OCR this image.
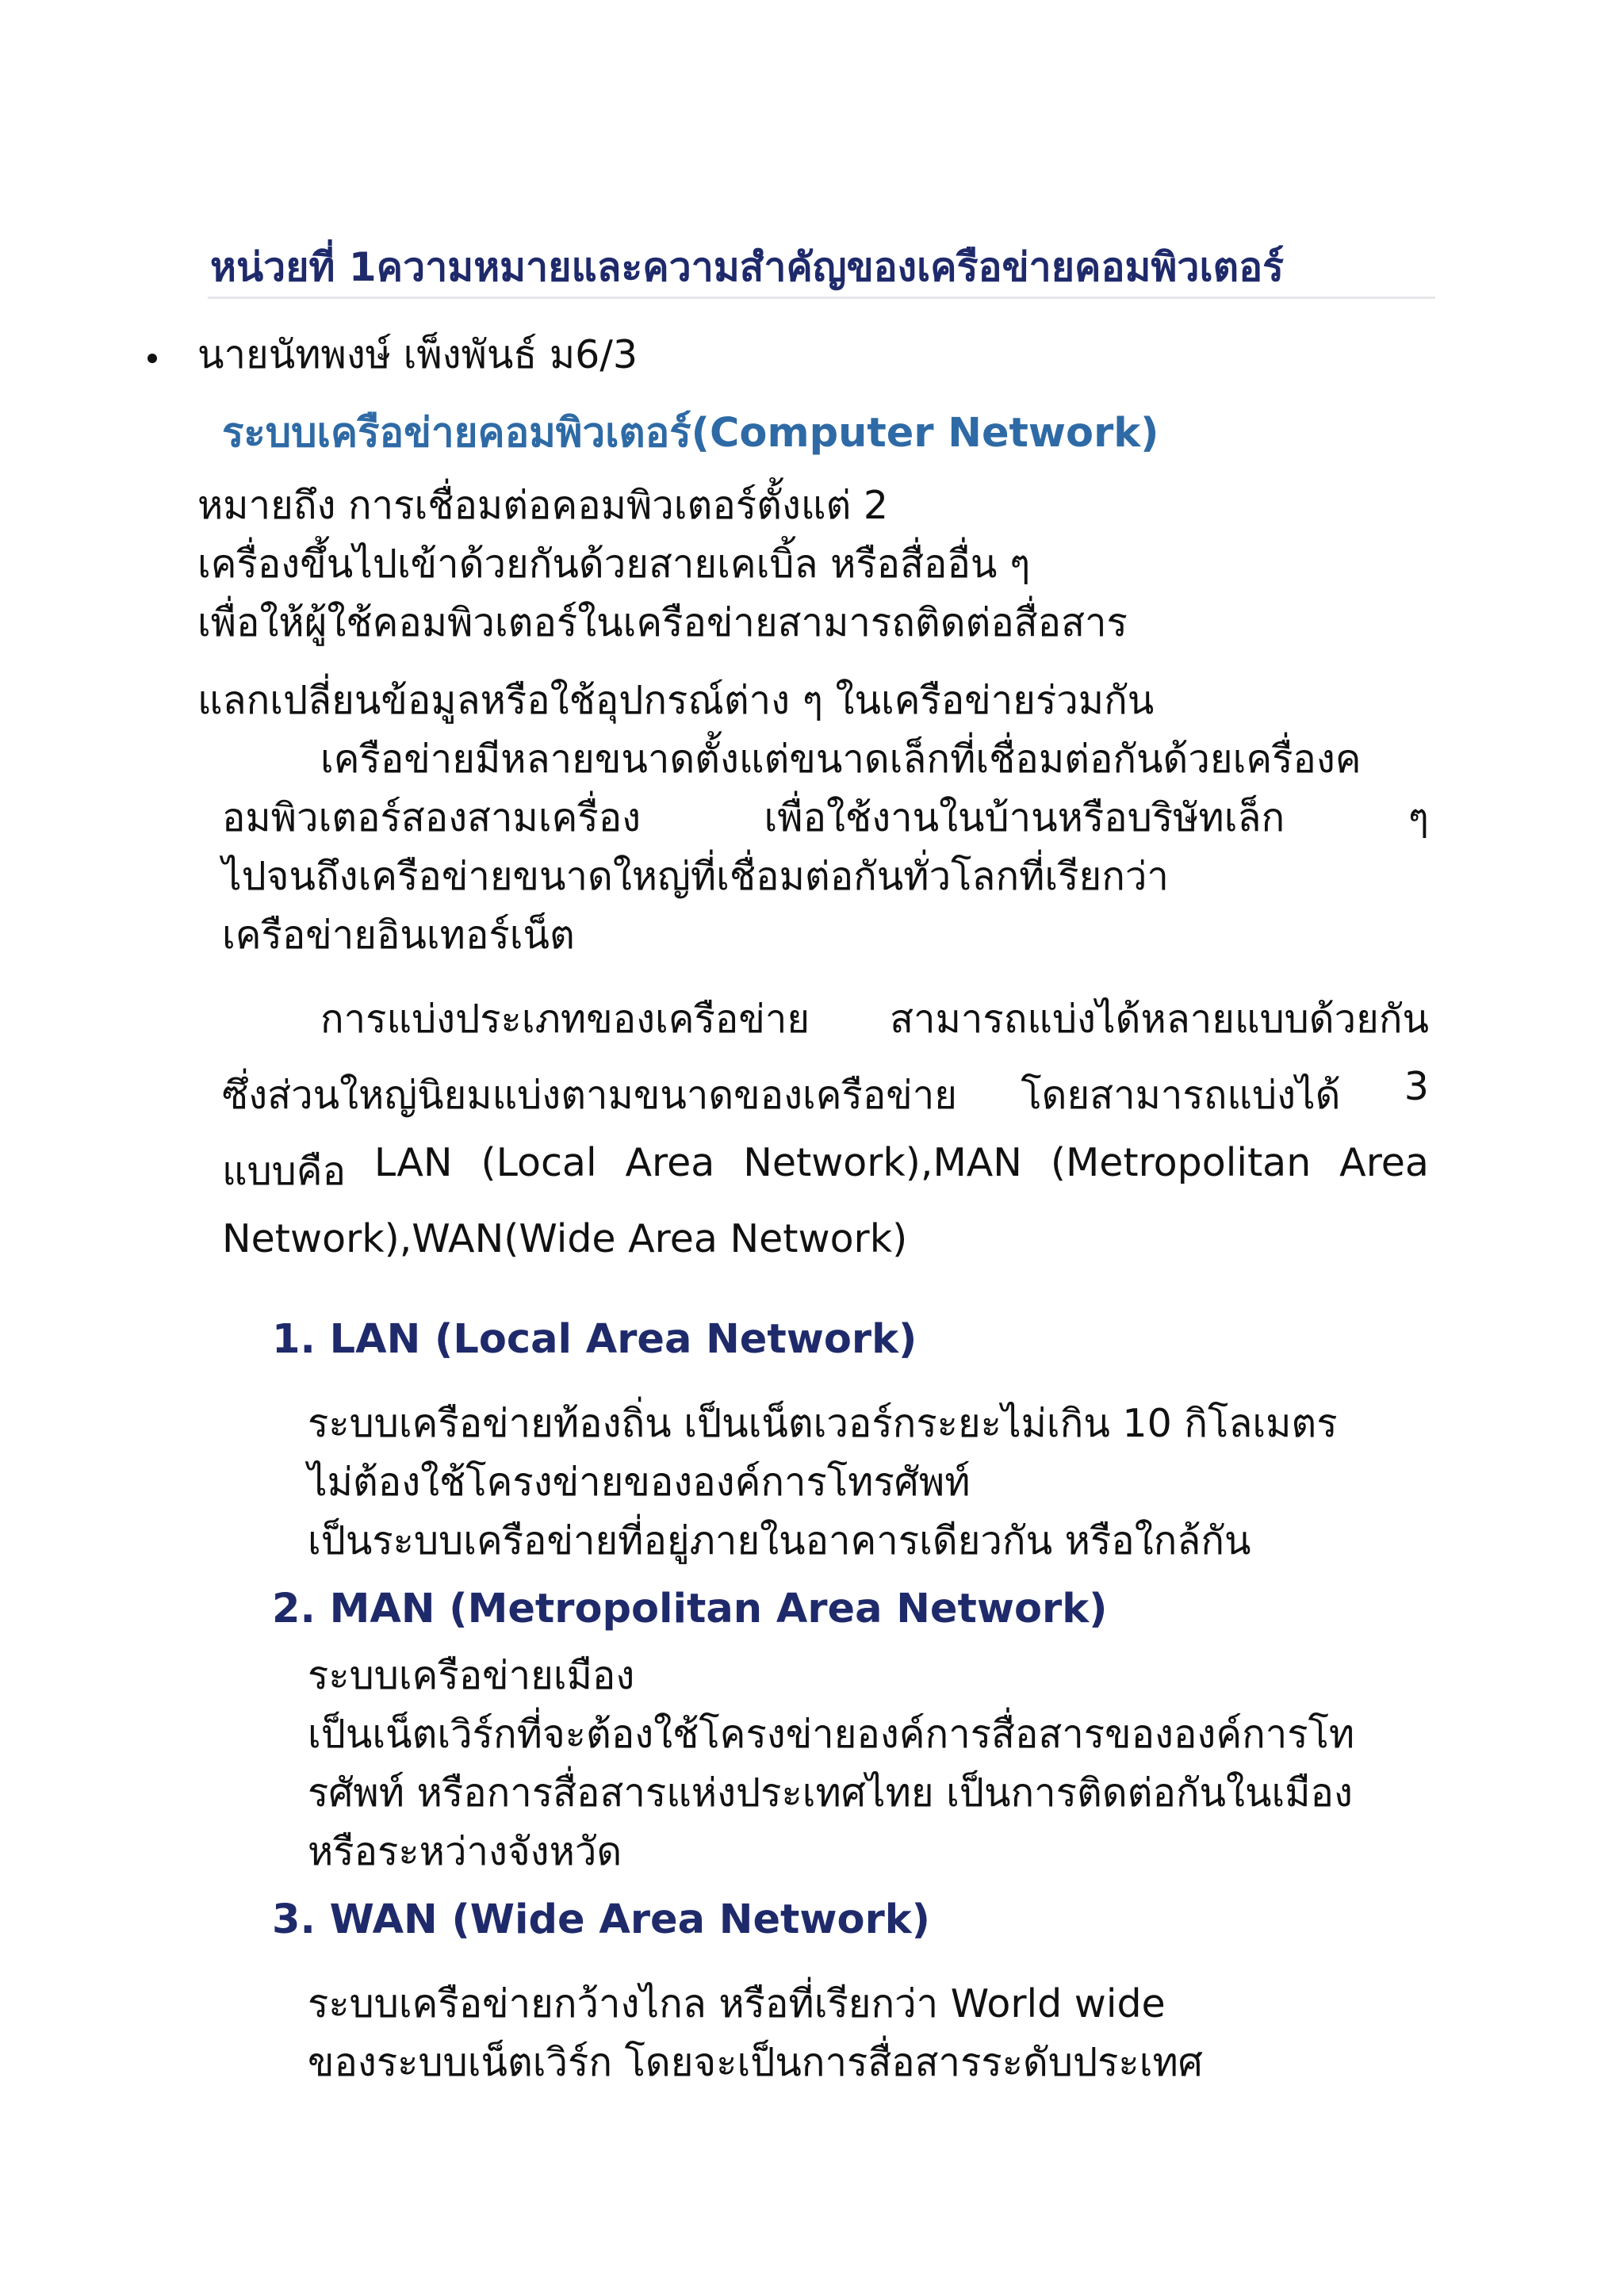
หน่วยที่ 1ความหมายและความสำคัญของเครือข่ายคอมพิวเตอร์
นายนัทพงษ์ เพ็งพันธ์ ม6/3
ระบบเครือข่ายคอมพิวเตอร์(Computer Network)
หมายถึง การเชื่อมต่อคอมพิวเตอร์ตั้งแต่ 2
เครื่องขึ้นไปเข้าด้วยกันด้วยสายเคเบิ้ล หรือสื่ออื่น ๆ
เพื่อให้ผู้ใช้คอมพิวเตอร์ในเครือข่ายสามารถติดต่อสื่อสาร
แลกเปลี่ยนข้อมูลหรือใช้อุปกรณ์ต่าง ๆ ในเครือข่ายร่วมกัน
เครือข่ายมีหลายขนาดตั้งแต่ขนาดเล็กที่เชื่อมต่อกันด้วยเครื่องค
อมพิวเตอร์สองสามเครื่อง	เพื่อใช้งานในบ้านหรือบริษัทเล็ก	ๆ
ไปจนถึงเครือข่ายขนาดใหญ่ที่เชื่อมต่อกันทั่วโลกที่เรียกว่า
เครือข่ายอินเทอร์เน็ต
การแบ่งประเภทของเครือข่าย สามารถแบ่งได้หลายแบบด้วยกัน
ซึ่งส่วนใหญ่นิยมแบ่งตามขนาดของเครือข่าย โดยสามารถแบ่งได้ 3
แบบคือ LAN (Local Area Network),MAN (Metropolitan Area
Network),WAN(Wide Area Network)
1. LAN (Local Area Network)
ระบบเครือข่ายท้องถิ่น เป็นเน็ตเวอร์กระยะไม่เกิน 10 กิโลเมตร
ไม่ต้องใช้โครงข่ายขององค์การโทรศัพท์
เป็นระบบเครือข่ายที่อยู่ภายในอาคารเดียวกัน หรือใกล้กัน
2. MAN (Metropolitan Area Network)
ระบบเครือข่ายเมือง
เป็นเน็ตเวิร์กที่จะต้องใช้โครงข่ายองค์การสื่อสารขององค์การโท
รศัพท์ หรือการสื่อสารแห่งประเทศไทย เป็นการติดต่อกันในเมือง
หรือระหว่างจังหวัด
3. WAN (Wide Area Network)
ระบบเครือข่ายกว้างไกล หรือที่เรียกว่า World wide
ของระบบเน็ตเวิร์ก โดยจะเป็นการสื่อสารระดับประเทศ
